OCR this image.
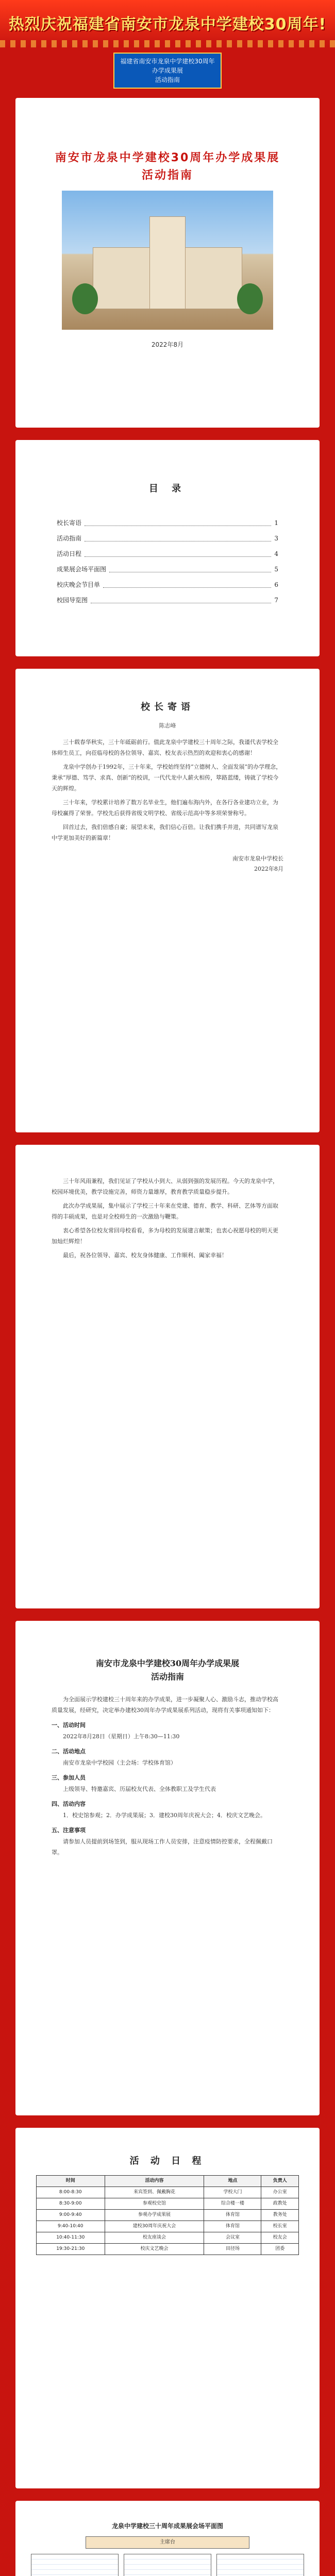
热烈庆祝福建省南安市龙泉中学建校30周年!
福建省南安市龙泉中学建校30周年办学成果展
活动指南
南安市龙泉中学建校30周年办学成果展
活动指南
2022年8月
目 录
校长寄语	1
活动指南	3
活动日程	4
成果展会场平面图	5
校庆晚会节目单	6
校园导览图	7
校长寄语
陈志峰

三十载春华秋实，三十年砥砺前行。值此龙泉中学建校三十周年之际，我谨代表学校全体师生员工，向莅临母校的各位领导、嘉宾、校友表示热烈的欢迎和衷心的感谢！

龙泉中学创办于1992年，三十年来，学校始终坚持“立德树人、全面发展”的办学理念，秉承“厚德、笃学、求真、创新”的校训，一代代龙中人薪火相传，筚路蓝缕，铸就了学校今天的辉煌。

三十年来，学校累计培养了数万名毕业生，他们遍布海内外，在各行各业建功立业，为母校赢得了荣誉。学校先后获得省级文明学校、省级示范高中等多项荣誉称号。

回首过去，我们倍感自豪；展望未来，我们信心百倍。让我们携手并进，共同谱写龙泉中学更加美好的新篇章！

南安市龙泉中学校长
2022年8月

三十年风雨兼程，我们见证了学校从小到大、从弱到强的发展历程。今天的龙泉中学，校园环境优美，教学设施完善，师资力量雄厚，教育教学质量稳步提升。

此次办学成果展，集中展示了学校三十年来在党建、德育、教学、科研、艺体等方面取得的丰硕成果，也是对全校师生的一次激励与鞭策。

衷心希望各位校友常回母校看看，多为母校的发展建言献策；也衷心祝愿母校的明天更加灿烂辉煌！

最后，祝各位领导、嘉宾、校友身体健康、工作顺利、阖家幸福！

南安市龙泉中学建校30周年办学成果展
活动指南
为全面展示学校建校三十周年来的办学成果，进一步凝聚人心、激励斗志，推动学校高质量发展，经研究，决定举办建校30周年办学成果展系列活动，现将有关事项通知如下：
一、活动时间

2022年8月28日（星期日）上午8:30—11:30

二、活动地点

南安市龙泉中学校园（主会场：学校体育馆）

三、参加人员

上级领导、特邀嘉宾、历届校友代表、全体教职工及学生代表

四、活动内容

1．校史馆参观；2．办学成果展；3．建校30周年庆祝大会；4．校庆文艺晚会。

五、注意事项

请参加人员提前到场签到，服从现场工作人员安排，注意疫情防控要求，全程佩戴口罩。

活 动 日 程
时间	活动内容	地点	负责人
8:00-8:30	来宾签到、佩戴胸花	学校大门	办公室
8:30-9:00	参观校史馆	综合楼一楼	政教处
9:00-9:40	参观办学成果展	体育馆	教务处
9:40-10:40	建校30周年庆祝大会	体育馆	校长室
10:40-11:30	校友座谈会	会议室	校友会
19:30-21:30	校庆文艺晚会	田径场	团委
龙泉中学建校三十周年成果展会场平面图
主席台
